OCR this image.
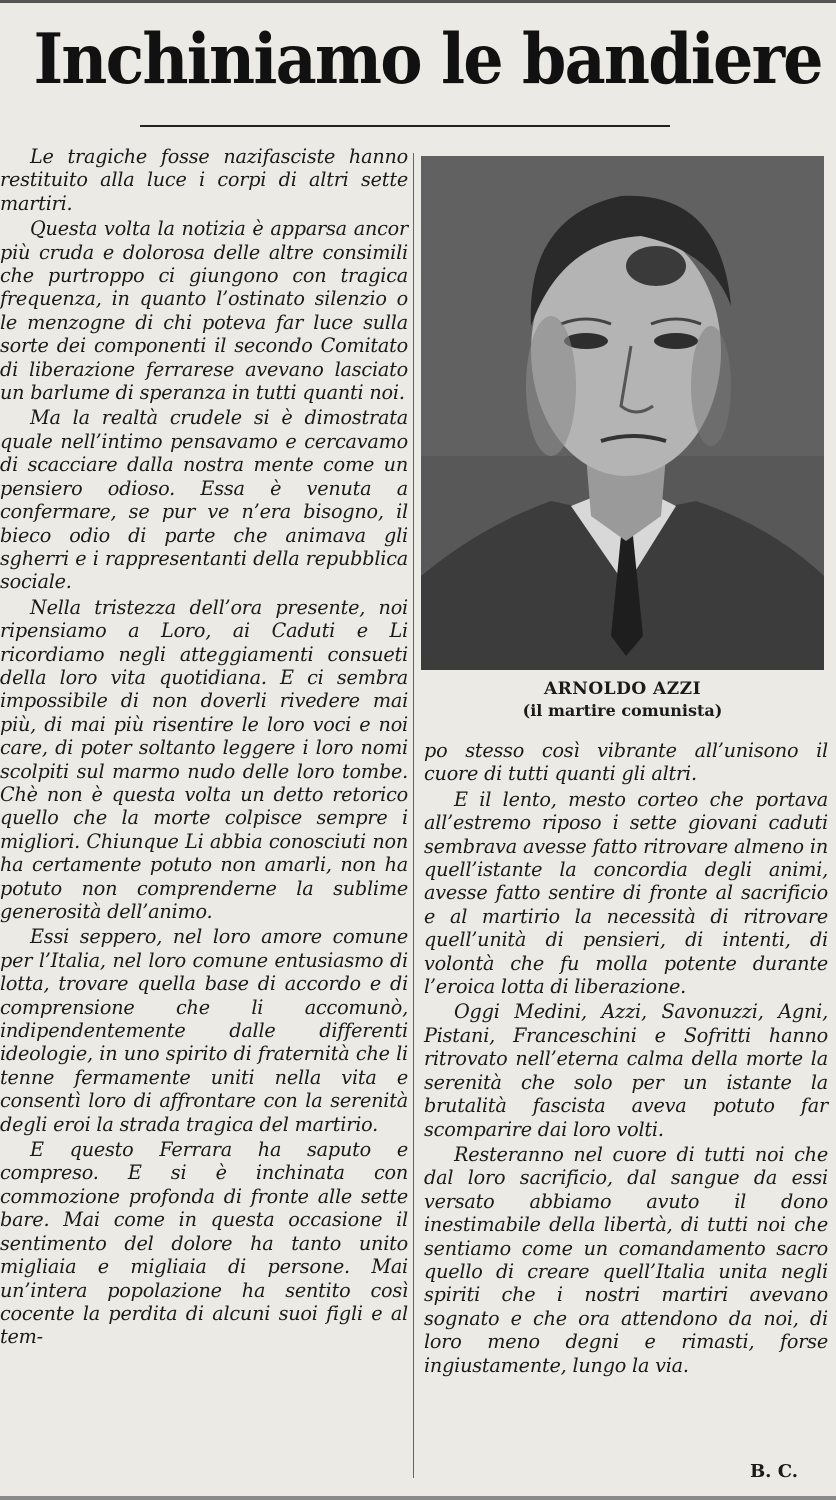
Inchiniamo le bandiere

Le tragiche fosse nazifasciste hanno restituito alla luce i corpi di altri sette martiri.

Questa volta la notizia è apparsa ancor più cruda e dolorosa delle altre consimili che purtroppo ci giungono con tragica frequenza, in quanto l’ostinato silenzio o le menzogne di chi poteva far luce sulla sorte dei componenti il secondo Comitato di liberazione ferrarese avevano lasciato un barlume di speranza in tutti quanti noi.

Ma la realtà crudele si è dimostrata quale nell’intimo pensavamo e cercavamo di scacciare dalla nostra mente come un pensiero odioso. Essa è venuta a confermare, se pur ve n’era bisogno, il bieco odio di parte che animava gli sgherri e i rappresentanti della repubblica sociale.

Nella tristezza dell’ora presente, noi ripensiamo a Loro, ai Caduti e Li ricordiamo negli atteggiamenti consueti della loro vita quotidiana. E ci sembra impossibile di non doverli rivedere mai più, di mai più risentire le loro voci e noi care, di poter soltanto leggere i loro nomi scolpiti sul marmo nudo delle loro tombe. Chè non è questa volta un detto retorico quello che la morte colpisce sempre i migliori. Chiunque Li abbia conosciuti non ha certamente potuto non amarli, non ha potuto non comprenderne la sublime generosità dell’animo.

Essi seppero, nel loro amore comune per l’Italia, nel loro comune entusiasmo di lotta, trovare quella base di accordo e di comprensione che li accomunò, indipendentemente dalle differenti ideologie, in uno spirito di fraternità che li tenne fermamente uniti nella vita e consentì loro di affrontare con la serenità degli eroi la strada tragica del martirio.

E questo Ferrara ha saputo e compreso. E si è inchinata con commozione profonda di fronte alle sette bare. Mai come in questa occasione il sentimento del dolore ha tanto unito migliaia e migliaia di persone. Mai un’intera popolazione ha sentito così cocente la perdita di alcuni suoi figli e al tem-

ARNOLDO AZZI
(il martire comunista)

po stesso così vibrante all’unisono il cuore di tutti quanti gli altri.

E il lento, mesto corteo che portava all’estremo riposo i sette giovani caduti sembrava avesse fatto ritrovare almeno in quell’istante la concordia degli animi, avesse fatto sentire di fronte al sacrificio e al martirio la necessità di ritrovare quell’unità di pensieri, di intenti, di volontà che fu molla potente durante l’eroica lotta di liberazione.

Oggi Medini, Azzi, Savonuzzi, Agni, Pistani, Franceschini e Sofritti hanno ritrovato nell’eterna calma della morte la serenità che solo per un istante la brutalità fascista aveva potuto far scomparire dai loro volti.

Resteranno nel cuore di tutti noi che dal loro sacrificio, dal sangue da essi versato abbiamo avuto il dono inestimabile della libertà, di tutti noi che sentiamo come un comandamento sacro quello di creare quell’Italia unita negli spiriti che i nostri martiri avevano sognato e che ora attendono da noi, di loro meno degni e rimasti, forse ingiustamente, lungo la via.

B. C.
